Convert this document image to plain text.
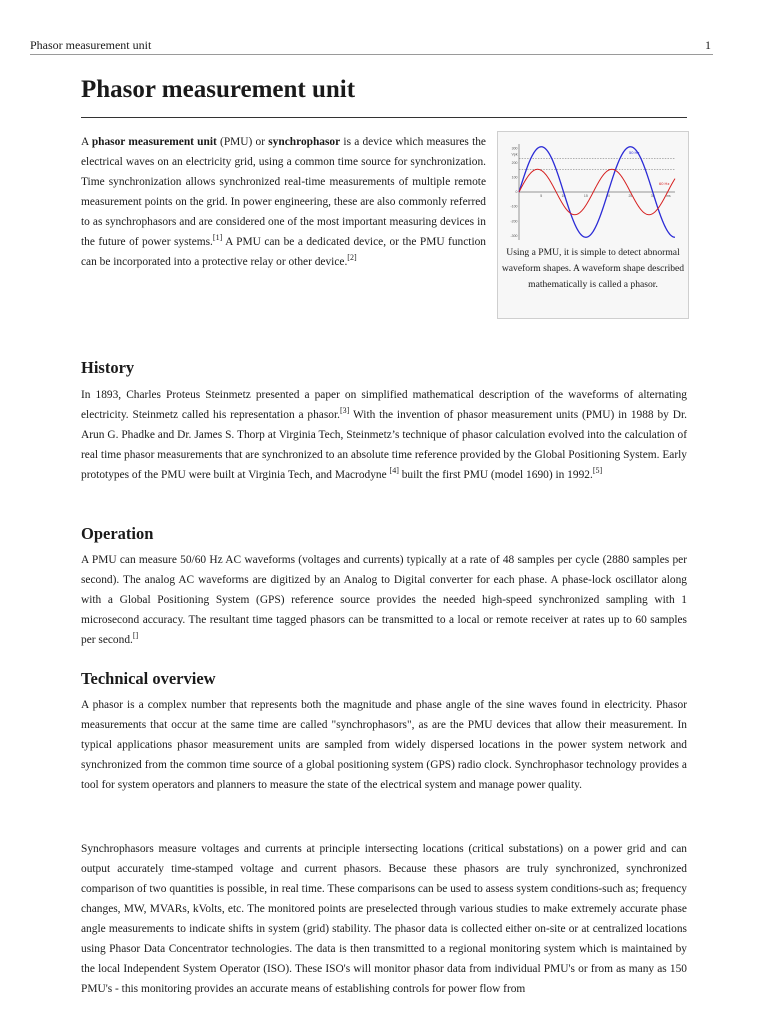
Phasor measurement unit	1
Phasor measurement unit

A phasor measurement unit (PMU) or synchrophasor is a device which measures the electrical waves on an electricity grid, using a common time source for synchronization. Time synchronization allows synchronized real-time measurements of multiple remote measurement points on the grid. In power engineering, these are also commonly referred to as synchrophasors and are considered one of the most important measuring devices in the future of power systems.[1] A PMU can be a dedicated device, or the PMU function can be incorporated into a protective relay or other device.[2]

300
Vpk
200
100
0
-100
-200
-300
5	10	15	20	25	30	ms
50 Hz
60 Hz
Using a PMU, it is simple to detect abnormal waveform shapes. A waveform shape described mathematically is called a phasor.
History

In 1893, Charles Proteus Steinmetz presented a paper on simplified mathematical description of the waveforms of alternating electricity. Steinmetz called his representation a phasor.[3] With the invention of phasor measurement units (PMU) in 1988 by Dr. Arun G. Phadke and Dr. James S. Thorp at Virginia Tech, Steinmetz’s technique of phasor calculation evolved into the calculation of real time phasor measurements that are synchronized to an absolute time reference provided by the Global Positioning System. Early prototypes of the PMU were built at Virginia Tech, and Macrodyne [4] built the first PMU (model 1690) in 1992.[5]

Operation

A PMU can measure 50/60 Hz AC waveforms (voltages and currents) typically at a rate of 48 samples per cycle (2880 samples per second). The analog AC waveforms are digitized by an Analog to Digital converter for each phase. A phase-lock oscillator along with a Global Positioning System (GPS) reference source provides the needed high-speed synchronized sampling with 1 microsecond accuracy. The resultant time tagged phasors can be transmitted to a local or remote receiver at rates up to 60 samples per second.[]

Technical overview

A phasor is a complex number that represents both the magnitude and phase angle of the sine waves found in electricity. Phasor measurements that occur at the same time are called "synchrophasors", as are the PMU devices that allow their measurement. In typical applications phasor measurement units are sampled from widely dispersed locations in the power system network and synchronized from the common time source of a global positioning system (GPS) radio clock. Synchrophasor technology provides a tool for system operators and planners to measure the state of the electrical system and manage power quality.

Synchrophasors measure voltages and currents at principle intersecting locations (critical substations) on a power grid and can output accurately time-stamped voltage and current phasors. Because these phasors are truly synchronized, synchronized comparison of two quantities is possible, in real time. These comparisons can be used to assess system conditions-such as; frequency changes, MW, MVARs, kVolts, etc. The monitored points are preselected through various studies to make extremely accurate phase angle measurements to indicate shifts in system (grid) stability. The phasor data is collected either on-site or at centralized locations using Phasor Data Concentrator technologies. The data is then transmitted to a regional monitoring system which is maintained by the local Independent System Operator (ISO). These ISO's will monitor phasor data from individual PMU's or from as many as 150 PMU's - this monitoring provides an accurate means of establishing controls for power flow from
